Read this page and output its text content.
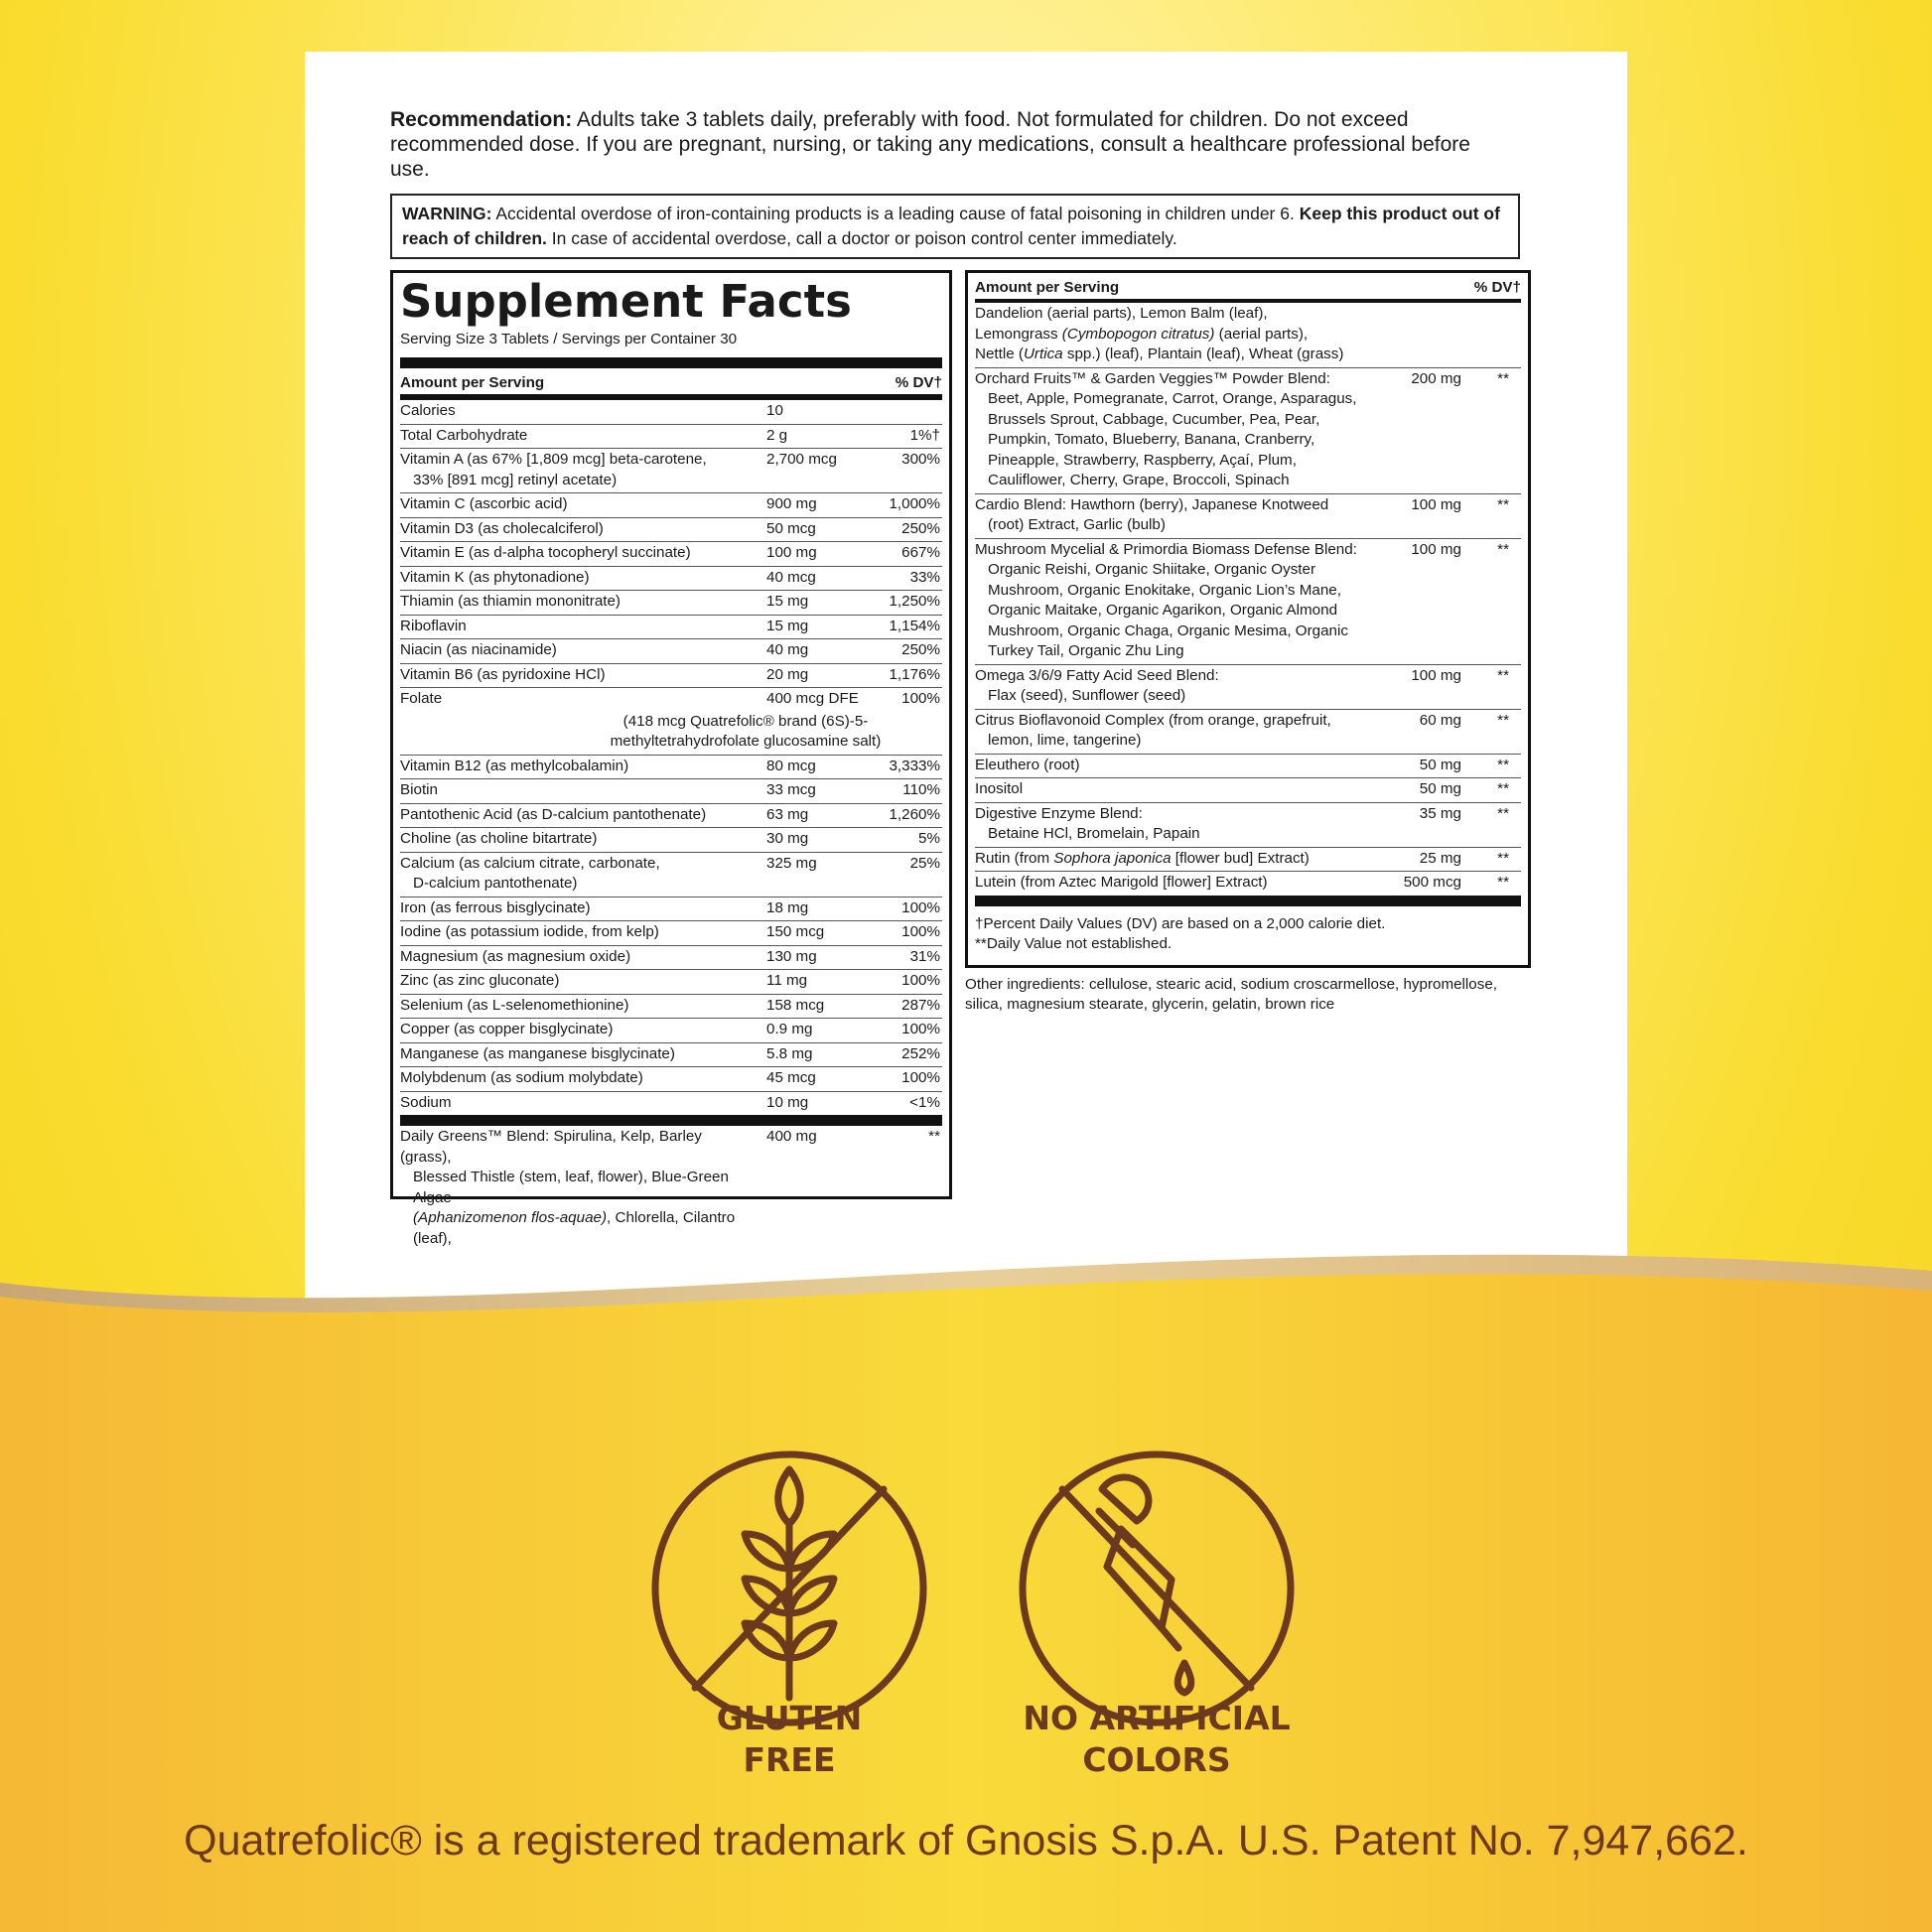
Recommendation: Adults take 3 tablets daily, preferably with food. Not formulated for children. Do not exceed recommended dose. If you are pregnant, nursing, or taking any medications, consult a healthcare professional before use.

WARNING: Accidental overdose of iron-containing products is a leading cause of fatal poisoning in children under 6. Keep this product out of reach of children. In case of accidental overdose, call a doctor or poison control center immediately.
Supplement Facts
Serving Size 3 Tablets / Servings per Container 30
Amount per Serving	% DV†
Calories	10
Total Carbohydrate	2 g	1%†
Vitamin A (as 67% [1,809 mcg] beta-carotene,
33% [891 mcg] retinyl acetate)
2,700 mcg	300%
Vitamin C (ascorbic acid)	900 mg	1,000%
Vitamin D3 (as cholecalciferol)	50 mcg	250%
Vitamin E (as d-alpha tocopheryl succinate)	100 mg	667%
Vitamin K (as phytonadione)	40 mcg	33%
Thiamin (as thiamin mononitrate)	15 mg	1,250%
Riboflavin	15 mg	1,154%
Niacin (as niacinamide)	40 mg	250%
Vitamin B6 (as pyridoxine HCl)	20 mg	1,176%
Folate	400 mcg DFE	100%
(418 mcg Quatrefolic® brand (6S)-5-methyltetrahydrofolate glucosamine salt)
Vitamin B12 (as methylcobalamin)	80 mcg	3,333%
Biotin	33 mcg	110%
Pantothenic Acid (as D-calcium pantothenate)	63 mg	1,260%
Choline (as choline bitartrate)	30 mg	5%
Calcium (as calcium citrate, carbonate,
D-calcium pantothenate)
325 mg	25%
Iron (as ferrous bisglycinate)	18 mg	100%
Iodine (as potassium iodide, from kelp)	150 mcg	100%
Magnesium (as magnesium oxide)	130 mg	31%
Zinc (as zinc gluconate)	11 mg	100%
Selenium (as L-selenomethionine)	158 mcg	287%
Copper (as copper bisglycinate)	0.9 mg	100%
Manganese (as manganese bisglycinate)	5.8 mg	252%
Molybdenum (as sodium molybdate)	45 mcg	100%
Sodium	10 mg	<1%
Daily Greens™ Blend: Spirulina, Kelp, Barley (grass),
Blessed Thistle (stem, leaf, flower), Blue-Green Algae
(Aphanizomenon flos-aquae), Chlorella, Cilantro (leaf),
400 mg	**
Amount per Serving	% DV†
Dandelion (aerial parts), Lemon Balm (leaf),
Lemongrass (Cymbopogon citratus) (aerial parts),
Nettle (Urtica spp.) (leaf), Plantain (leaf), Wheat (grass)
Orchard Fruits™ & Garden Veggies™ Powder Blend:
Beet, Apple, Pomegranate, Carrot, Orange, Asparagus, Brussels Sprout, Cabbage, Cucumber, Pea, Pear, Pumpkin, Tomato, Blueberry, Banana, Cranberry, Pineapple, Strawberry, Raspberry, Açaí, Plum, Cauliflower, Cherry, Grape, Broccoli, Spinach
200 mg **
Cardio Blend: Hawthorn (berry), Japanese Knotweed
(root) Extract, Garlic (bulb)
100 mg **
Mushroom Mycelial & Primordia Biomass Defense Blend:
Organic Reishi, Organic Shiitake, Organic Oyster Mushroom, Organic Enokitake, Organic Lion’s Mane, Organic Maitake, Organic Agarikon, Organic Almond Mushroom, Organic Chaga, Organic Mesima, Organic Turkey Tail, Organic Zhu Ling
100 mg **
Omega 3/6/9 Fatty Acid Seed Blend:
Flax (seed), Sunflower (seed)
100 mg **
Citrus Bioflavonoid Complex (from orange, grapefruit,
lemon, lime, tangerine)
60 mg **
Eleuthero (root)	50 mg **
Inositol	50 mg **
Digestive Enzyme Blend:
Betaine HCl, Bromelain, Papain
35 mg **
Rutin (from Sophora japonica [flower bud] Extract)	25 mg **
Lutein (from Aztec Marigold [flower] Extract)	500 mcg **
†Percent Daily Values (DV) are based on a 2,000 calorie diet.
**Daily Value not established.
Other ingredients: cellulose, stearic acid, sodium croscarmellose, hypromellose, silica, magnesium stearate, glycerin, gelatin, brown rice
GLUTEN
FREE
NO ARTIFICIAL
COLORS
Quatrefolic® is a registered trademark of Gnosis S.p.A. U.S. Patent No. 7,947,662.
